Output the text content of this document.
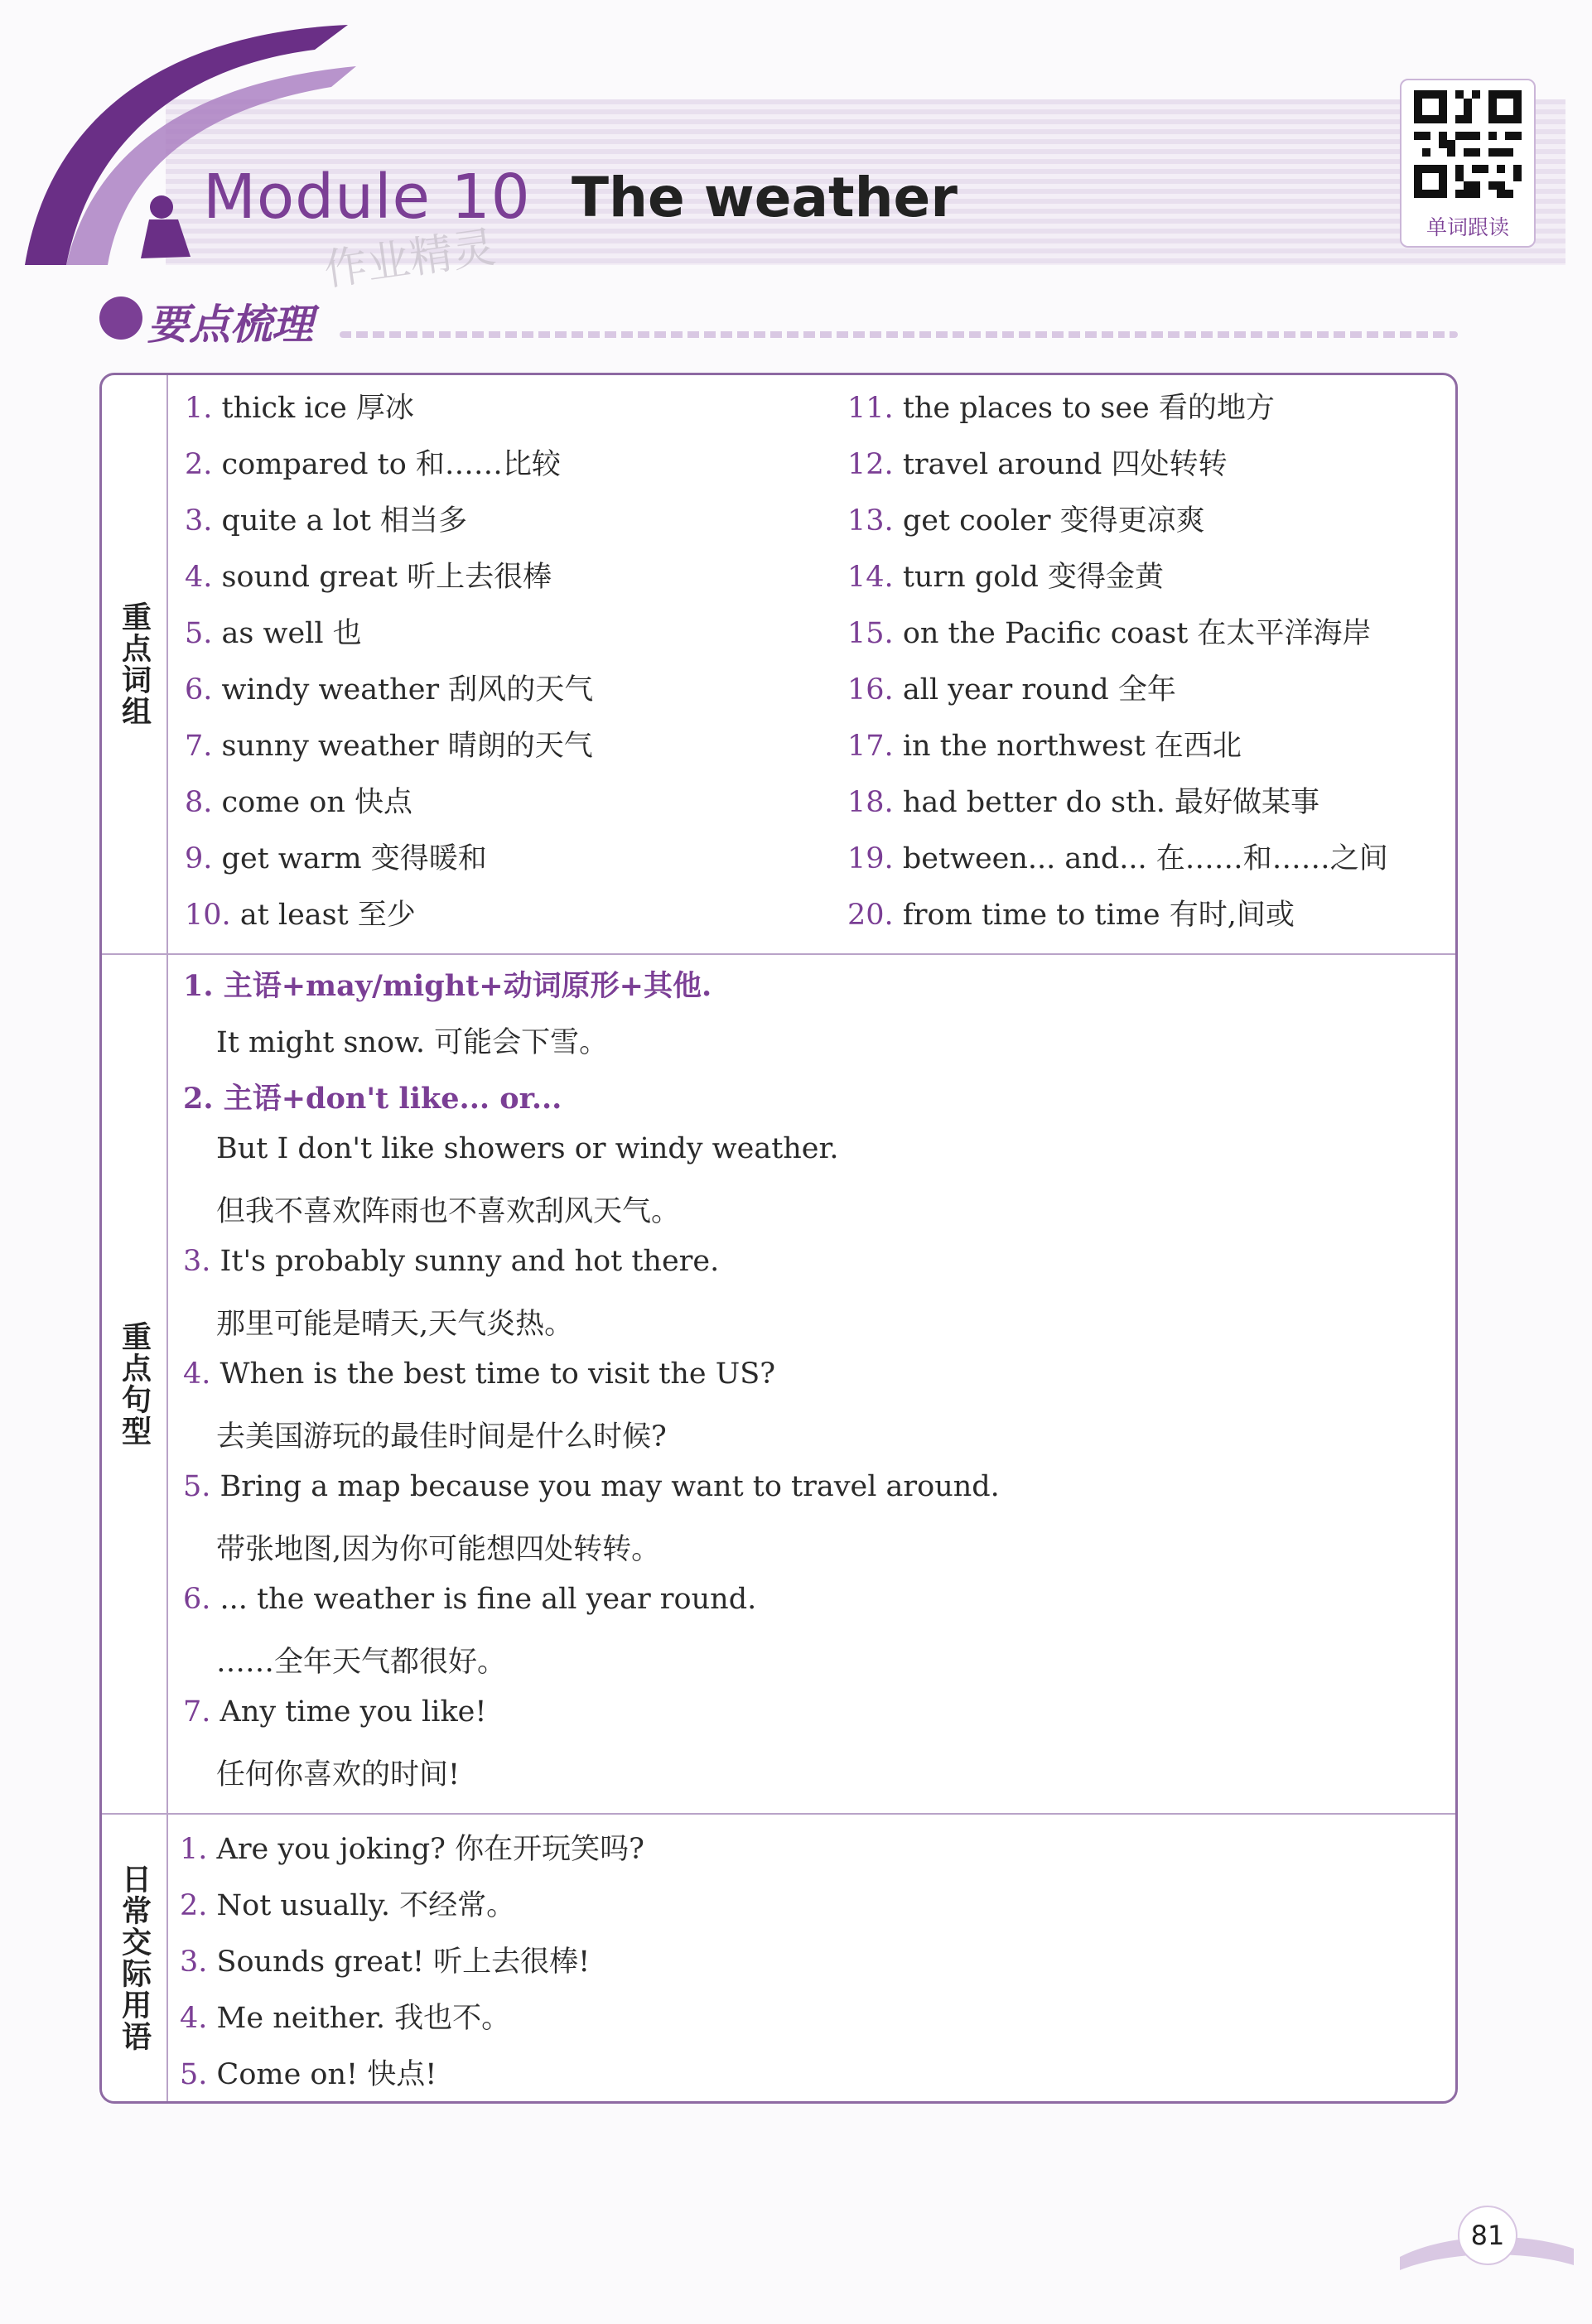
Module 10 The weather
作业精灵	单词跟读
要点梳理
重点词组
1. thick ice 厚冰
2. compared to 和……比较
3. quite a lot 相当多
4. sound great 听上去很棒
5. as well 也
6. windy weather 刮风的天气
7. sunny weather 晴朗的天气
8. come on 快点
9. get warm 变得暖和
10. at least 至少
11. the places to see 看的地方
12. travel around 四处转转
13. get cooler 变得更凉爽
14. turn gold 变得金黄
15. on the Pacific coast 在太平洋海岸
16. all year round 全年
17. in the northwest 在西北
18. had better do sth. 最好做某事
19. between... and... 在……和……之间
20. from time to time 有时,间或
重点句型
1. 主语+may/might+动词原形+其他.
It might snow. 可能会下雪。
2. 主语+don't like... or...
But I don't like showers or windy weather.
但我不喜欢阵雨也不喜欢刮风天气。
3. It's probably sunny and hot there.
那里可能是晴天,天气炎热。
4. When is the best time to visit the US?
去美国游玩的最佳时间是什么时候?
5. Bring a map because you may want to travel around.
带张地图,因为你可能想四处转转。
6. ... the weather is fine all year round.
……全年天气都很好。
7. Any time you like!
任何你喜欢的时间!
日常交际用语
1. Are you joking? 你在开玩笑吗?
2. Not usually. 不经常。
3. Sounds great! 听上去很棒!
4. Me neither. 我也不。
5. Come on! 快点!
81
